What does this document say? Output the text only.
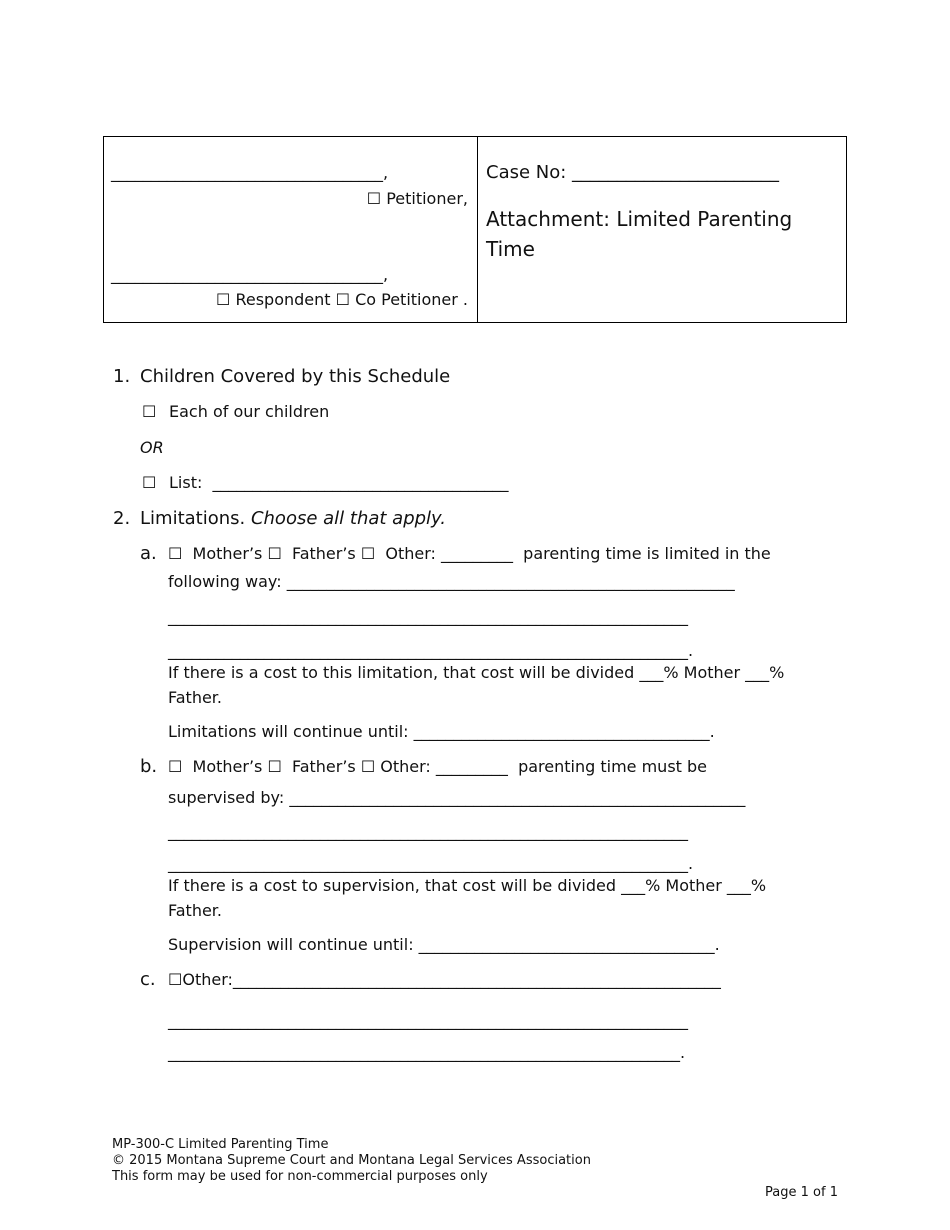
__________________________________,
☐ Petitioner,
__________________________________,
☐ Respondent ☐ Co Petitioner .
Case No: _______________________
Attachment: Limited Parenting
Time
1. Children Covered by this Schedule
☐ Each of our children
OR
☐ List:  _____________________________________
2. Limitations. Choose all that apply.
a. ☐  Mother’s ☐  Father’s ☐  Other: _________  parenting time is limited in the
following way: ________________________________________________________
_________________________________________________________________
_________________________________________________________________.
If there is a cost to this limitation, that cost will be divided ___% Mother ___%
Father.
Limitations will continue until: _____________________________________.
b. ☐  Mother’s ☐  Father’s ☐ Other: _________  parenting time must be
supervised by: _________________________________________________________
_________________________________________________________________
_________________________________________________________________.
If there is a cost to supervision, that cost will be divided ___% Mother ___%
Father.
Supervision will continue until: _____________________________________.
c. ☐Other:_____________________________________________________________
_________________________________________________________________
________________________________________________________________.
MP-300-C Limited Parenting Time
© 2015 Montana Supreme Court and Montana Legal Services Association
This form may be used for non-commercial purposes only
Page 1 of 1
